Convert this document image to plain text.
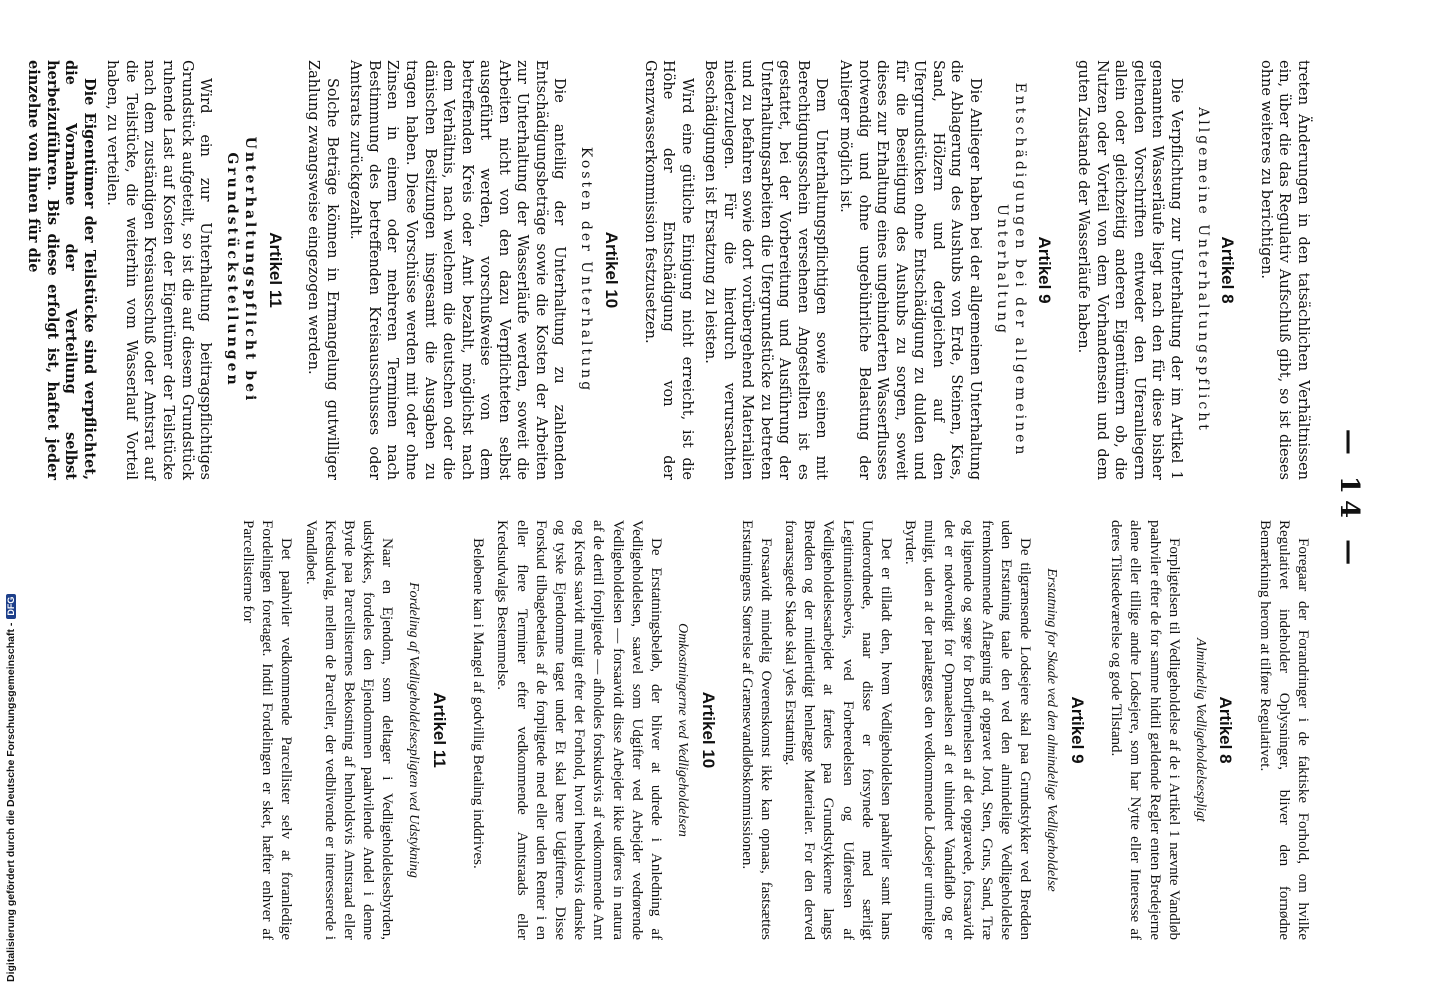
— 14 —

treten Änderungen in den tatsächlichen Verhältnissen ein, über die das Regulativ Aufschluß gibt, so ist dieses ohne weiteres zu berichtigen.

Artikel 8
Allgemeine Unterhaltungspflicht

Die Verpflichtung zur Unterhaltung der im Artikel 1 genannten Wasserläufe liegt nach den für diese bisher geltenden Vorschriften entweder den Uferanliegern allein oder gleichzeitig anderen Eigentümern ob, die Nutzen oder Vorteil von dem Vorhandensein und dem guten Zustande der Wasserläufe haben.

Artikel 9
Entschädigungen bei der allgemeinen Unterhaltung

Die Anlieger haben bei der allgemeinen Unterhaltung die Ablagerung des Aushubs von Erde, Steinen, Kies, Sand, Hölzern und dergleichen auf den Ufergrundstücken ohne Entschädigung zu dulden und für die Beseitigung des Aushubs zu sorgen, soweit dieses zur Erhaltung eines ungehinderten Wasserflusses notwendig und ohne ungebührliche Belastung der Anlieger möglich ist.

Dem Unterhaltungspflichtigen sowie seinen mit Berechtigungsschein versehenen Angestellten ist es gestattet, bei der Vorbereitung und Ausführung der Unterhaltungsarbeiten die Ufergrundstücke zu betreten und zu befahren sowie dort vorübergehend Materialien niederzulegen. Für die hierdurch verursachten Beschädigungen ist Ersatzung zu leisten.

Wird eine gütliche Einigung nicht erreicht, ist die Höhe der Entschädigung von der Grenzwasserkommission festzusetzen.

Artikel 10
Kosten der Unterhaltung

Die anteilig der Unterhaltung zu zahlenden Entschädigungsbeträge sowie die Kosten der Arbeiten zur Unterhaltung der Wasserläufe werden, soweit die Arbeiten nicht von den dazu Verpflichteten selbst ausgeführt werden, vorschußweise von dem betreffenden Kreis oder Amt bezahlt, möglichst nach dem Verhältnis, nach welchem die deutschen oder die dänischen Besitzungen insgesamt die Ausgaben zu tragen haben. Diese Vorschüsse werden mit oder ohne Zinsen in einem oder mehreren Terminen nach Bestimmung des betreffenden Kreisausschusses oder Amtsrats zurückgezahlt.

Solche Beträge können in Ermangelung gutwilliger Zahlung zwangsweise eingezogen werden.

Artikel 11
Unterhaltungspflicht bei Grundstücksteilungen

Wird ein zur Unterhaltung beitragspflichtiges Grundstück aufgeteilt, so ist die auf diesem Grundstück ruhende Last auf Kosten der Eigentümer der Teilstücke nach dem zuständigen Kreisausschuß oder Amtsrat auf die Teilstücke, die weiterhin vom Wasserlauf Vorteil haben, zu verteilen.

Die Eigentümer der Teilstücke sind verpflichtet, die Vornahme der Verteilung selbst herbeizuführen. Bis diese erfolgt ist, haftet jeder einzelne von ihnen für die

Foregaar der Forandringer i de faktiske Forhold, om hvilke Regulativet indeholder Oplysninger, bliver den fornødne Bemærkning herom at tilføre Regulativet.

Artikel 8
Almindelig Vedligeholdelsespligt

Forpligtelsen til Vedligeholdelse af de i Artikel 1 nævnte Vandløb paahviler efter de for samme hidtil gældende Regler enten Bredejerne alene eller tillige andre Lodsejere, som har Nytte eller Interesse af deres Tilstedeværelse og gode Tilstand.

Artikel 9
Erstatning for Skade ved den almindelige Vedligeholdelse

De tilgrænsende Lodsejere skal paa Grundstykker ved Bredden uden Erstatning taale den ved den almindelige Vedligeholdelse fremkommende Aflægning af opgravet Jord, Sten, Grus, Sand, Træ og lignende og sørge for Bortfjernelsen af det opgravede, forsaavidt det er nødvendigt for Opmaaelsen af et uhindret Vandafløb og er muligt, uden at der paalægges den vedkommende Lodsejer urimelige Byrder.

Det er tilladt den, hvem Vedligeholdelsen paahviler samt hans Underordnede, naar disse er forsynede med særligt Legitimationsbevis, ved Forberedelsen og Udførelsen af Vedligeholdelsesarbejdet at færdes paa Grundstykkerne langs Bredden og der midlertidigt henlægge Materialer. For den derved foraarsagede Skade skal ydes Erstatning.

Forsaavidt mindelig Overenskomst ikke kan opnaas, fastsættes Erstatningens Størrelse af Grænsevandløbskommissionen.

Artikel 10
Omkostningerne ved Vedligeholdelsen

De Erstatningsbeløb, der bliver at udrede i Anledning af Vedligeholdelsen, saavel som Udgifter ved Arbejder vedrørende Vedligeholdelsen — forsaavidt disse Arbejder ikke udføres in natura af de dertil forpligtede — afholdes forskudsvis af vedkommende Amt og Kreds saavidt muligt efter det Forhold, hvori henholdsvis danske og tyske Ejendomme taget under Et skal bære Udgifterne. Disse Forskud tilbagebetales af de forpligtede med eller uden Renter i en eller flere Terminer efter vedkommende Amtsraads eller Kredsudvalgs Bestemmelse.

Beløbene kan i Mangel af godvillig Betaling inddrives.

Artikel 11
Fordeling af Vedligeholdelsespligten ved Udstykning

Naar en Ejendom, som deltager i Vedligeholdelsesbyrden, udstykkes, fordeles den Ejendommen paahvilende Andel i denne Byrde paa Parcellisternes Bekostning af henholdsvis Amtsraad eller Kredsudvalg, mellem de Parceller, der vedblivende er interesserede i Vandløbet.

Det paahviler vedkommende Parcellister selv at foranledige Fordelingen foretaget. Indtil Fordelingen er sket, hæfter enhver af Parcellisterne for

Digitalisierung gefördert durch die Deutsche Forschungsgemeinschaft -DFG
